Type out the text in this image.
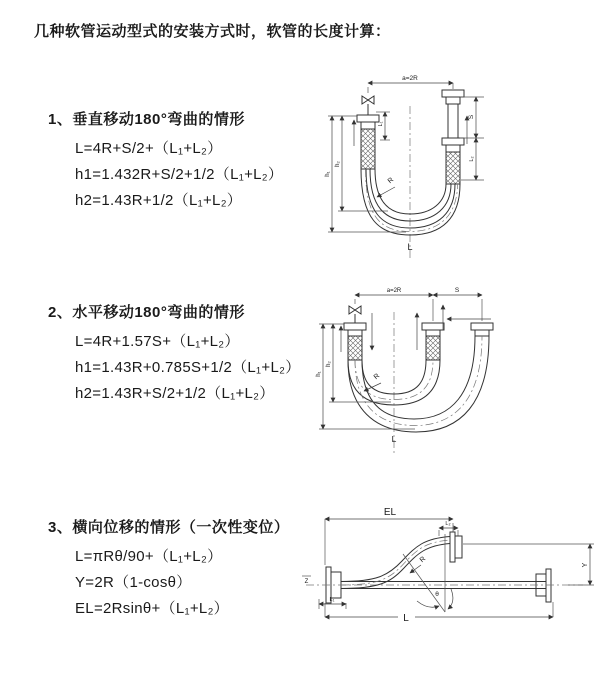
几种软管运动型式的安装方式时，软管的长度计算：
1、垂直移动180°弯曲的情形
L=4R+S/2+（L₁+L₂）
h1=1.432R+S/2+1/2（L₁+L₂）
h2=1.43R+1/2（L₁+L₂）
2、水平移动180°弯曲的情形
L=4R+1.57S+（L₁+L₂）
h1=1.43R+0.785S+1/2（L₁+L₂）
h2=1.43R+S/2+1/2（L₁+L₂）
3、横向位移的情形（一次性变位）
L=πRθ/90+（L₁+L₂）
Y=2R（1-cosθ）
EL=2Rsinθ+（L₁+L₂）
a=2R
R
L
h₁
h₂
L₁
S
L₂
a=2R	S
h₁
h₂
R
L
EL
L₂
Z
R
θ
Y
L₁
L
